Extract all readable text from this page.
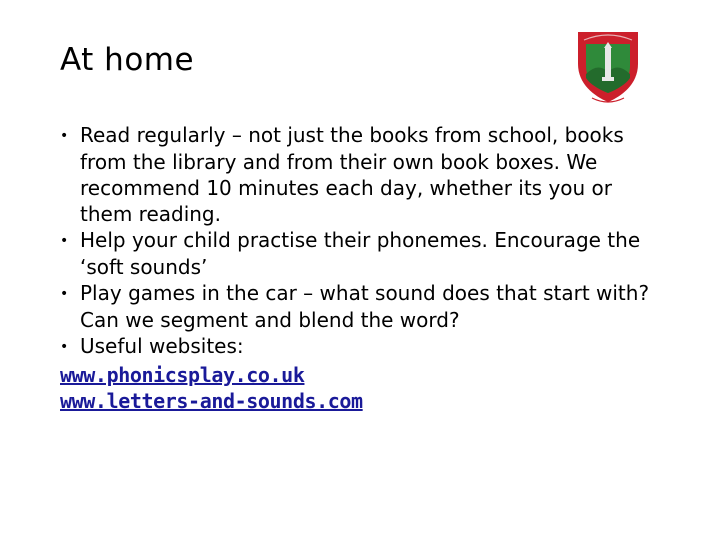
At home

• Read regularly – not just the books from school, books from the library and from their own book boxes. We recommend 10 minutes each day, whether its you or them reading.

• Help your child practise their phonemes. Encourage the ‘soft sounds’

• Play games in the car – what sound does that start with? Can we segment and blend the word?

• Useful websites:

www.phonicsplay.co.uk
www.letters-and-sounds.com
